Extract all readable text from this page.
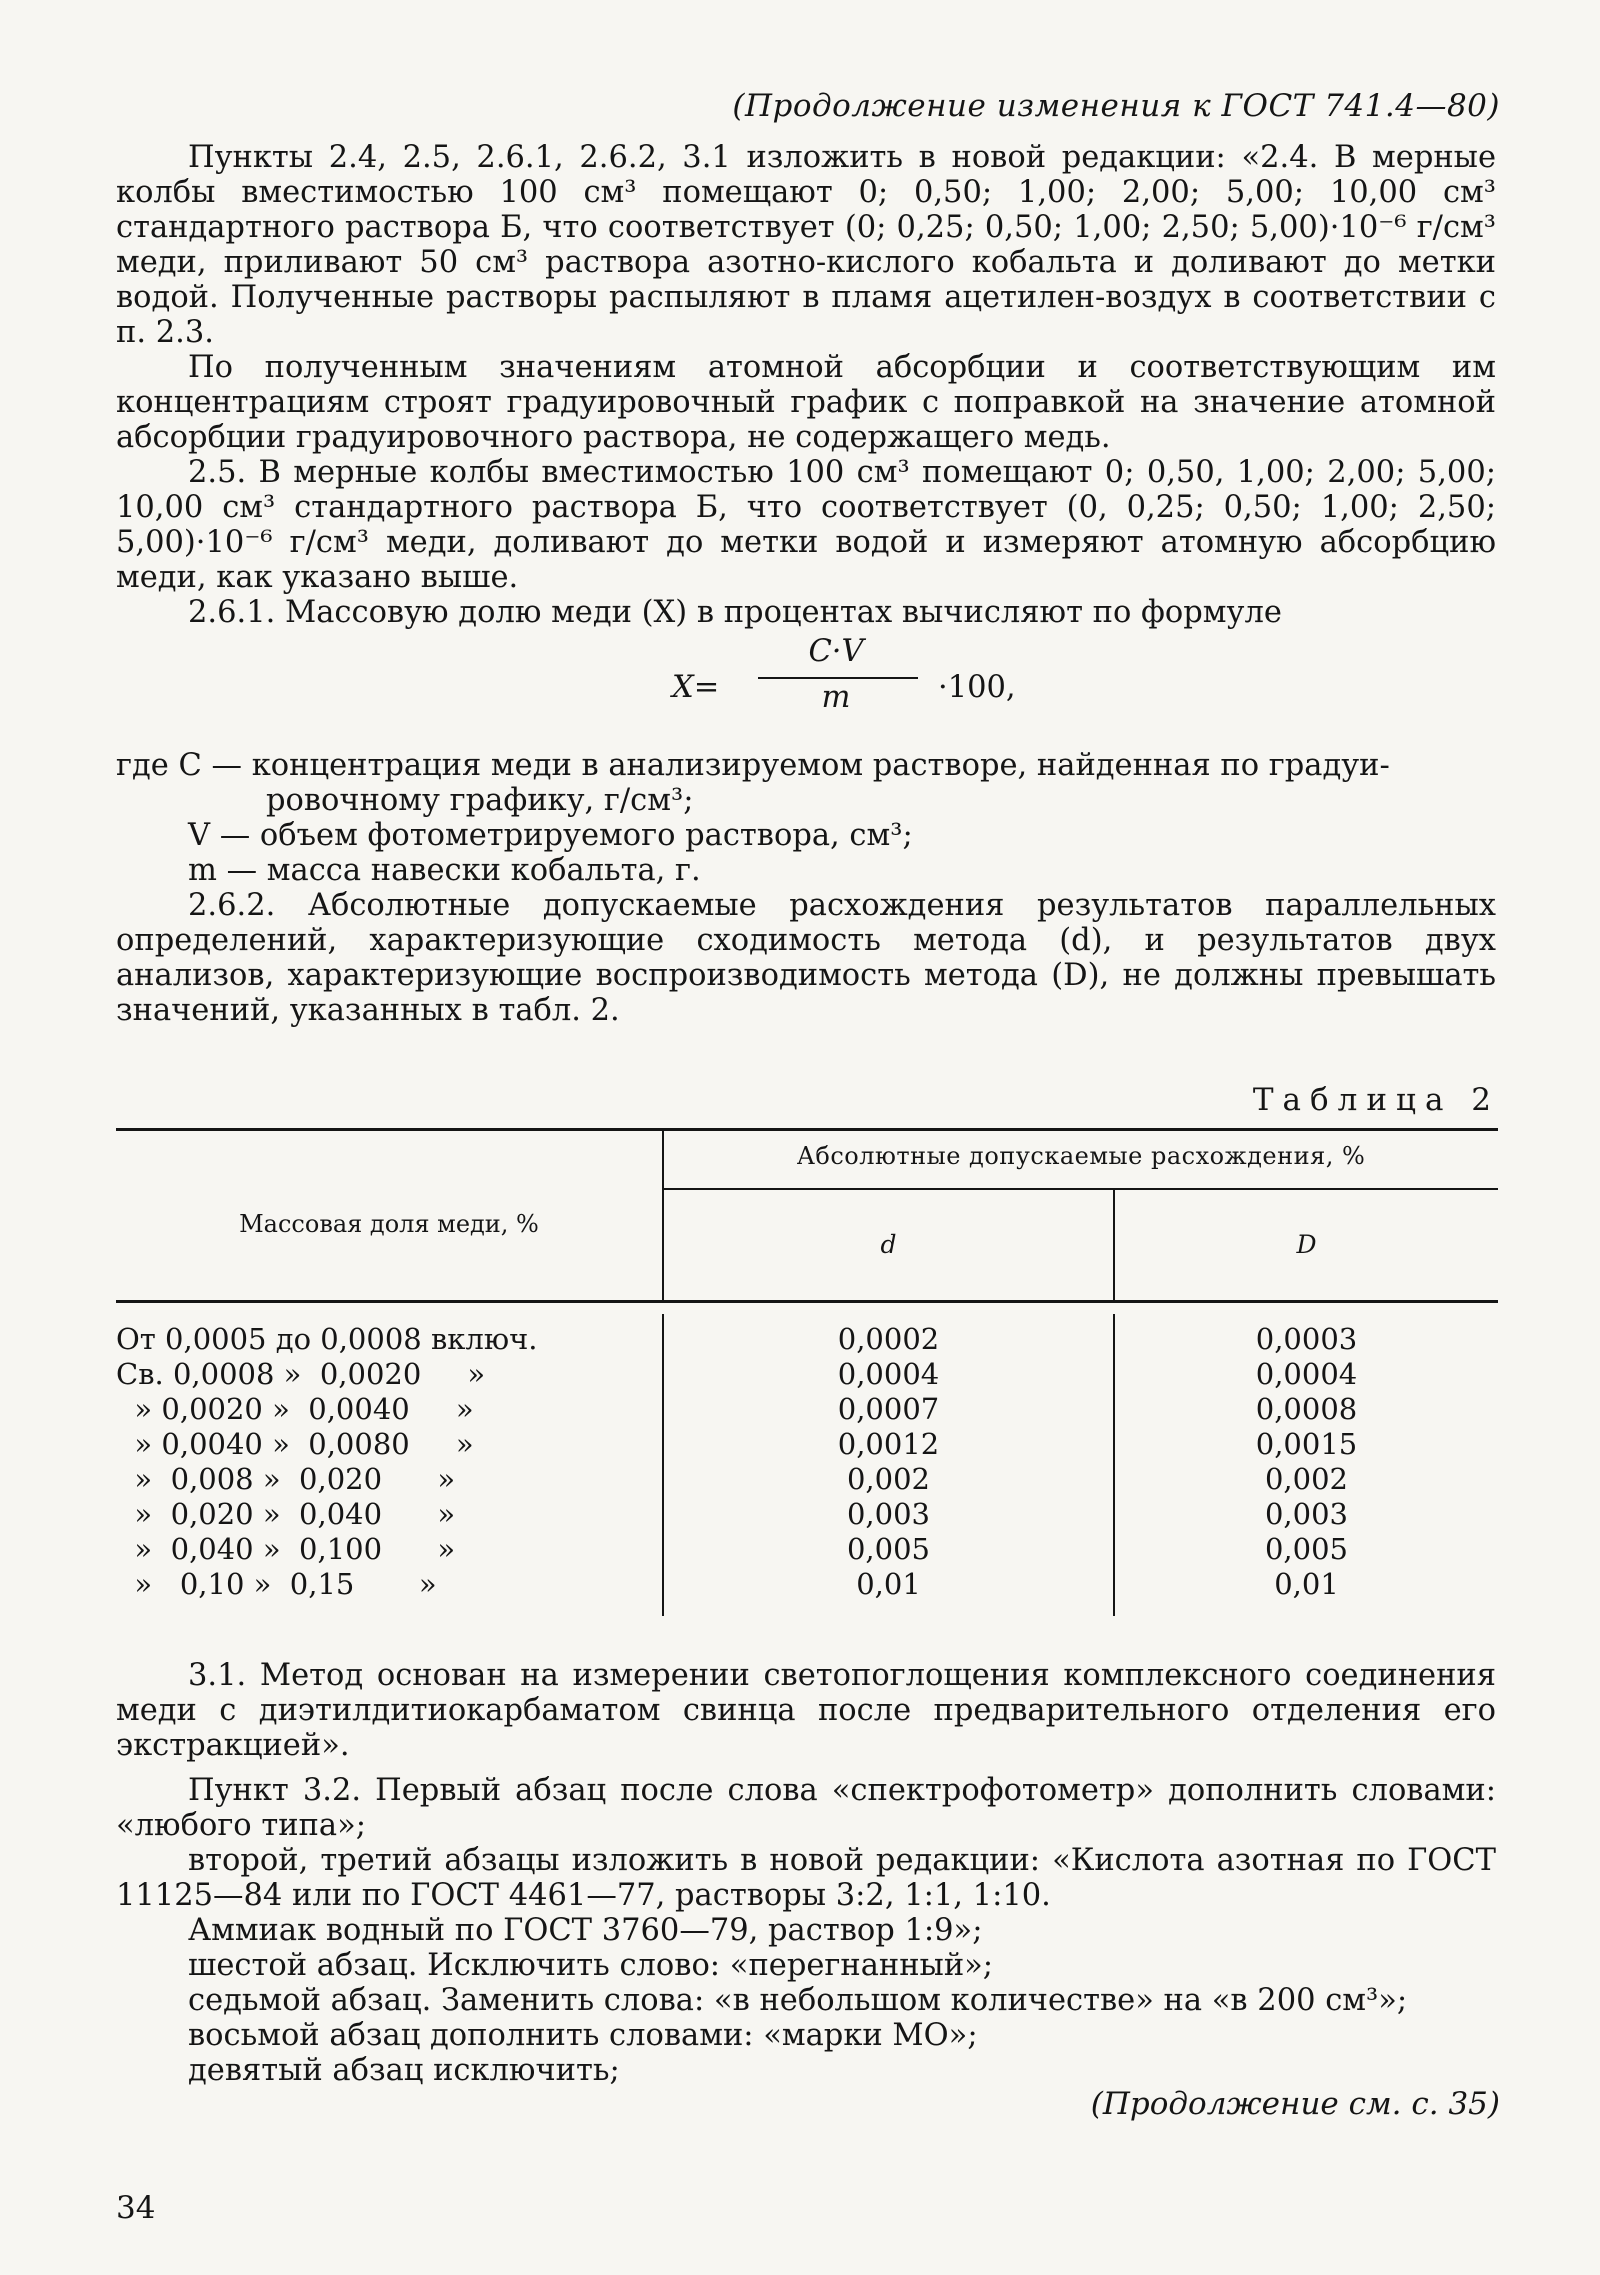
(Продолжение изменения к ГОСТ 741.4—80)

Пункты 2.4, 2.5, 2.6.1, 2.6.2, 3.1 изложить в новой редакции: «2.4. В мерные колбы вместимостью 100 см³ помещают 0; 0,50; 1,00; 2,00; 5,00; 10,00 см³ стандартного раствора Б, что соответствует (0; 0,25; 0,50; 1,00; 2,50; 5,00)·10⁻⁶ г/см³ меди, приливают 50 см³ раствора азотно-кислого кобальта и доливают до метки водой. Полученные растворы распыляют в пламя ацетилен-воздух в соответствии с п. 2.3.

По полученным значениям атомной абсорбции и соответствующим им концентрациям строят градуировочный график с поправкой на значение атомной абсорбции градуировочного раствора, не содержащего медь.

2.5. В мерные колбы вместимостью 100 см³ помещают 0; 0,50, 1,00; 2,00; 5,00; 10,00 см³ стандартного раствора Б, что соответствует (0, 0,25; 0,50; 1,00; 2,50; 5,00)·10⁻⁶ г/см³ меди, доливают до метки водой и измеряют атомную абсорбцию меди, как указано выше.

2.6.1. Массовую долю меди (X) в процентах вычисляют по формуле

X=
C·V
m	·100,
где C — концентрация меди в анализируемом растворе, найденная по градуи-
ровочному графику, г/см³;
V — объем фотометрируемого раствора, см³;
m — масса навески кобальта, г.

2.6.2. Абсолютные допускаемые расхождения результатов параллельных определений, характеризующие сходимость метода (d), и результатов двух анализов, характеризующие воспроизводимость метода (D), не должны превышать значений, указанных в табл. 2.

Таблица 2
Абсолютные допускаемые расхождения, %
Массовая доля меди, %
d	D
От 0,0005 до 0,0008 включ.	0,0002	0,0003
Св. 0,0008 »  0,0020     »	0,0004	0,0004
» 0,0020 »  0,0040     »	0,0007	0,0008
» 0,0040 »  0,0080     »	0,0012	0,0015
»  0,008 »  0,020      »	0,002	0,002
»  0,020 »  0,040      »	0,003	0,003
»  0,040 »  0,100      »	0,005	0,005
»   0,10 »  0,15       »	0,01	0,01

3.1. Метод основан на измерении светопоглощения комплексного соединения меди с диэтилдитиокарбаматом свинца после предварительного отделения его экстракцией».

Пункт 3.2. Первый абзац после слова «спектрофотометр» дополнить словами: «любого типа»;

второй, третий абзацы изложить в новой редакции: «Кислота азотная по ГОСТ 11125—84 или по ГОСТ 4461—77, растворы 3:2, 1:1, 1:10.

Аммиак водный по ГОСТ 3760—79, раствор 1:9»;

шестой абзац. Исключить слово: «перегнанный»;

седьмой абзац. Заменить слова: «в небольшом количестве» на «в 200 см³»;

восьмой абзац дополнить словами: «марки МО»;

девятый абзац исключить;

(Продолжение см. с. 35)
34
